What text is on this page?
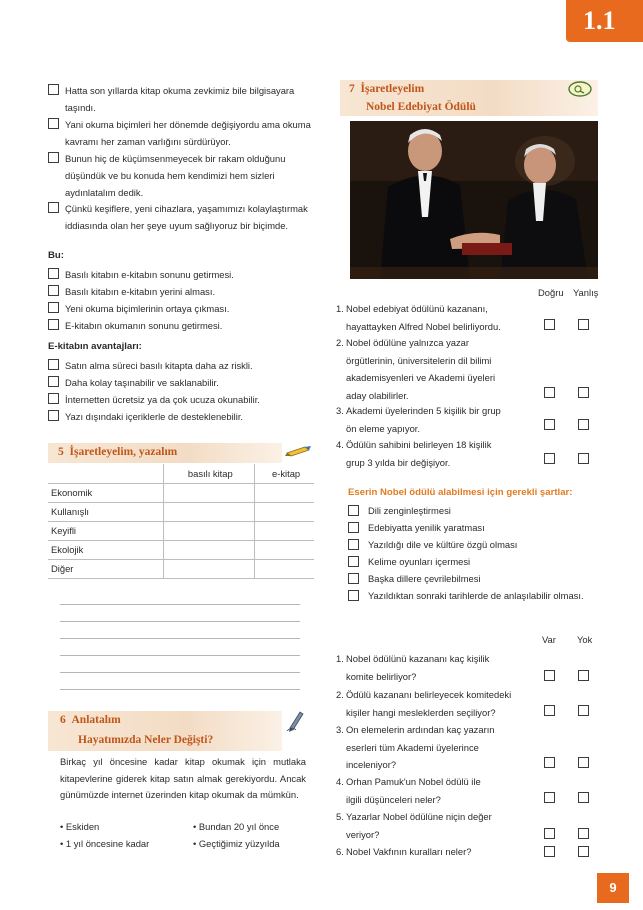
1.1
Hatta son yıllarda kitap okuma zevkimiz bile bilgisayara taşındı.
Yani okuma biçimleri her dönemde değişiyordu ama okuma kavramı her zaman varlığını sürdürüyor.
Bunun hiç de küçümsenmeyecek bir rakam olduğunu düşündük ve bu konuda hem kendimizi hem sizleri aydınlatalım dedik.
Çünkü keşiflere, yeni cihazlara, yaşamımızı kolaylaştırmak iddiasında olan her şeye uyum sağlıyoruz bir biçimde.
Bu:
Basılı kitabın e-kitabın sonunu getirmesi.
Basılı kitabın e-kitabın yerini alması.
Yeni okuma biçimlerinin ortaya çıkması.
E-kitabın okumanın sonunu getirmesi.
E-kitabın avantajları:
Satın alma süreci basılı kitapta daha az riskli.
Daha kolay taşınabilir ve saklanabilir.
İnternetten ücretsiz ya da çok ucuza okunabilir.
Yazı dışındaki içeriklerle de desteklenebilir.
5 İşaretleyelim, yazalım
	basılı kitap	e-kitap
Ekonomik		
Kullanışlı		
Keyifli		
Ekolojik		
Diğer		
6 Anlatalım
Hayatımızda Neler Değişti?
Birkaç yıl öncesine kadar kitap okumak için mutlaka kitapevlerine giderek kitap satın almak gerekiyordu. Ancak günümüzde internet üzerinden kitap okumak da mümkün.
• Eskiden	• Bundan 20 yıl önce
• 1 yıl öncesine kadar	• Geçtiğimiz yüzyılda
7 İşaretleyelim
Nobel Edebiyat Ödülü
Doğru Yanlış
1. Nobel edebiyat ödülünü kazananı,
hayattayken Alfred Nobel belirliyordu.
2. Nobel ödülüne yalnızca yazar
örgütlerinin, üniversitelerin dil bilimi
akademisyenleri ve Akademi üyeleri
aday olabilirler.
3. Akademi üyelerinden 5 kişilik bir grup
ön eleme yapıyor.
4. Ödülün sahibini belirleyen 18 kişilik
grup 3 yılda bir değişiyor.
Eserin Nobel ödülü alabilmesi için gerekli şartlar:
Dili zenginleştirmesi
Edebiyatta yenilik yaratması
Yazıldığı dile ve kültüre özgü olması
Kelime oyunları içermesi
Başka dillere çevrilebilmesi
Yazıldıktan sonraki tarihlerde de anlaşılabilir olması.
Var Yok
1. Nobel ödülünü kazananı kaç kişilik
komite belirliyor?
2. Ödülü kazananı belirleyecek komitedeki
kişiler hangi mesleklerden seçiliyor?
3. On elemelerin ardından kaç yazarın
eserleri tüm Akademi üyelerince
inceleniyor?
4. Orhan Pamuk'un Nobel ödülü ile
ilgili düşünceleri neler?
5. Yazarlar Nobel ödülüne niçin değer
veriyor?
6. Nobel Vakfının kuralları neler?
9
